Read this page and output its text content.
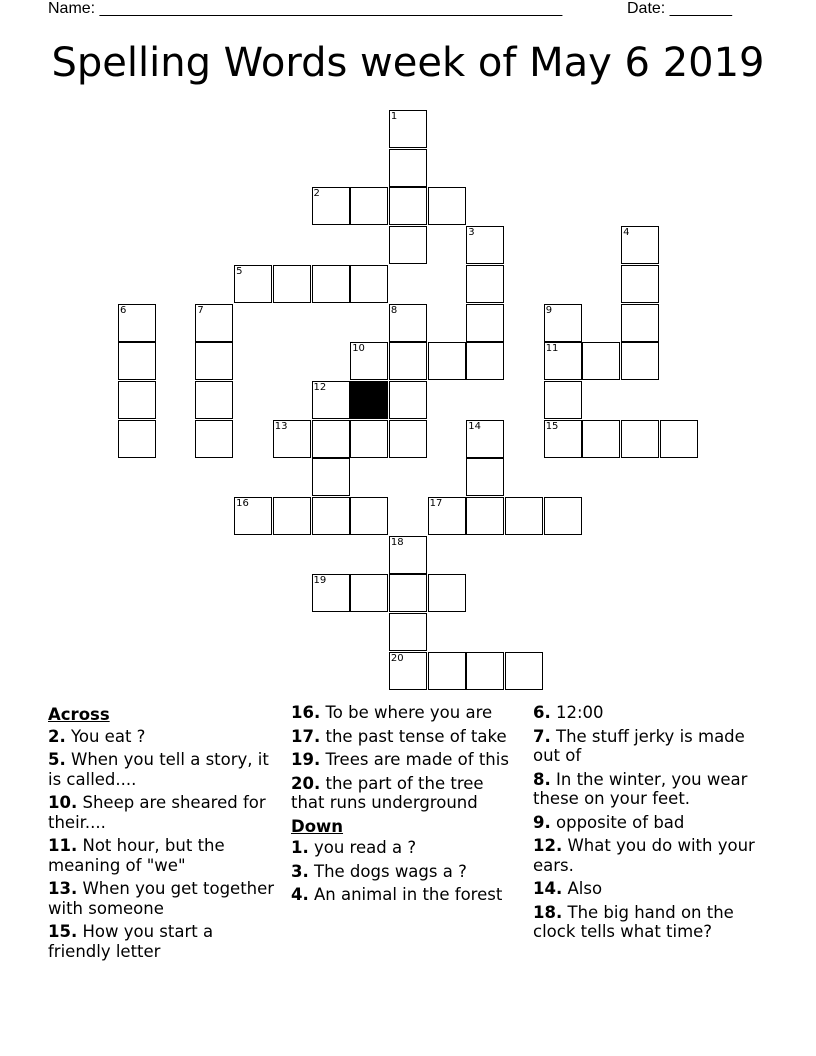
Name: ____________________________________________________	Date: _______
Spelling Words week of May 6 2019
1
2
3	4
5
6	7	8	9
11
15
10
12
13	14
16	17
18
20
19
Across
2. You eat ?
5. When you tell a story, it is called....
10. Sheep are sheared for their....
11. Not hour, but the meaning of "we"
13. When you get together with someone
15. How you start a friendly letter
16. To be where you are
17. the past tense of take
19. Trees are made of this
20. the part of the tree that runs underground
Down
1. you read a ?
3. The dogs wags a ?
4. An animal in the forest
6. 12:00
7. The stuff jerky is made out of
8. In the winter, you wear these on your feet.
9. opposite of bad
12. What you do with your ears.
14. Also
18. The big hand on the clock tells what time?
